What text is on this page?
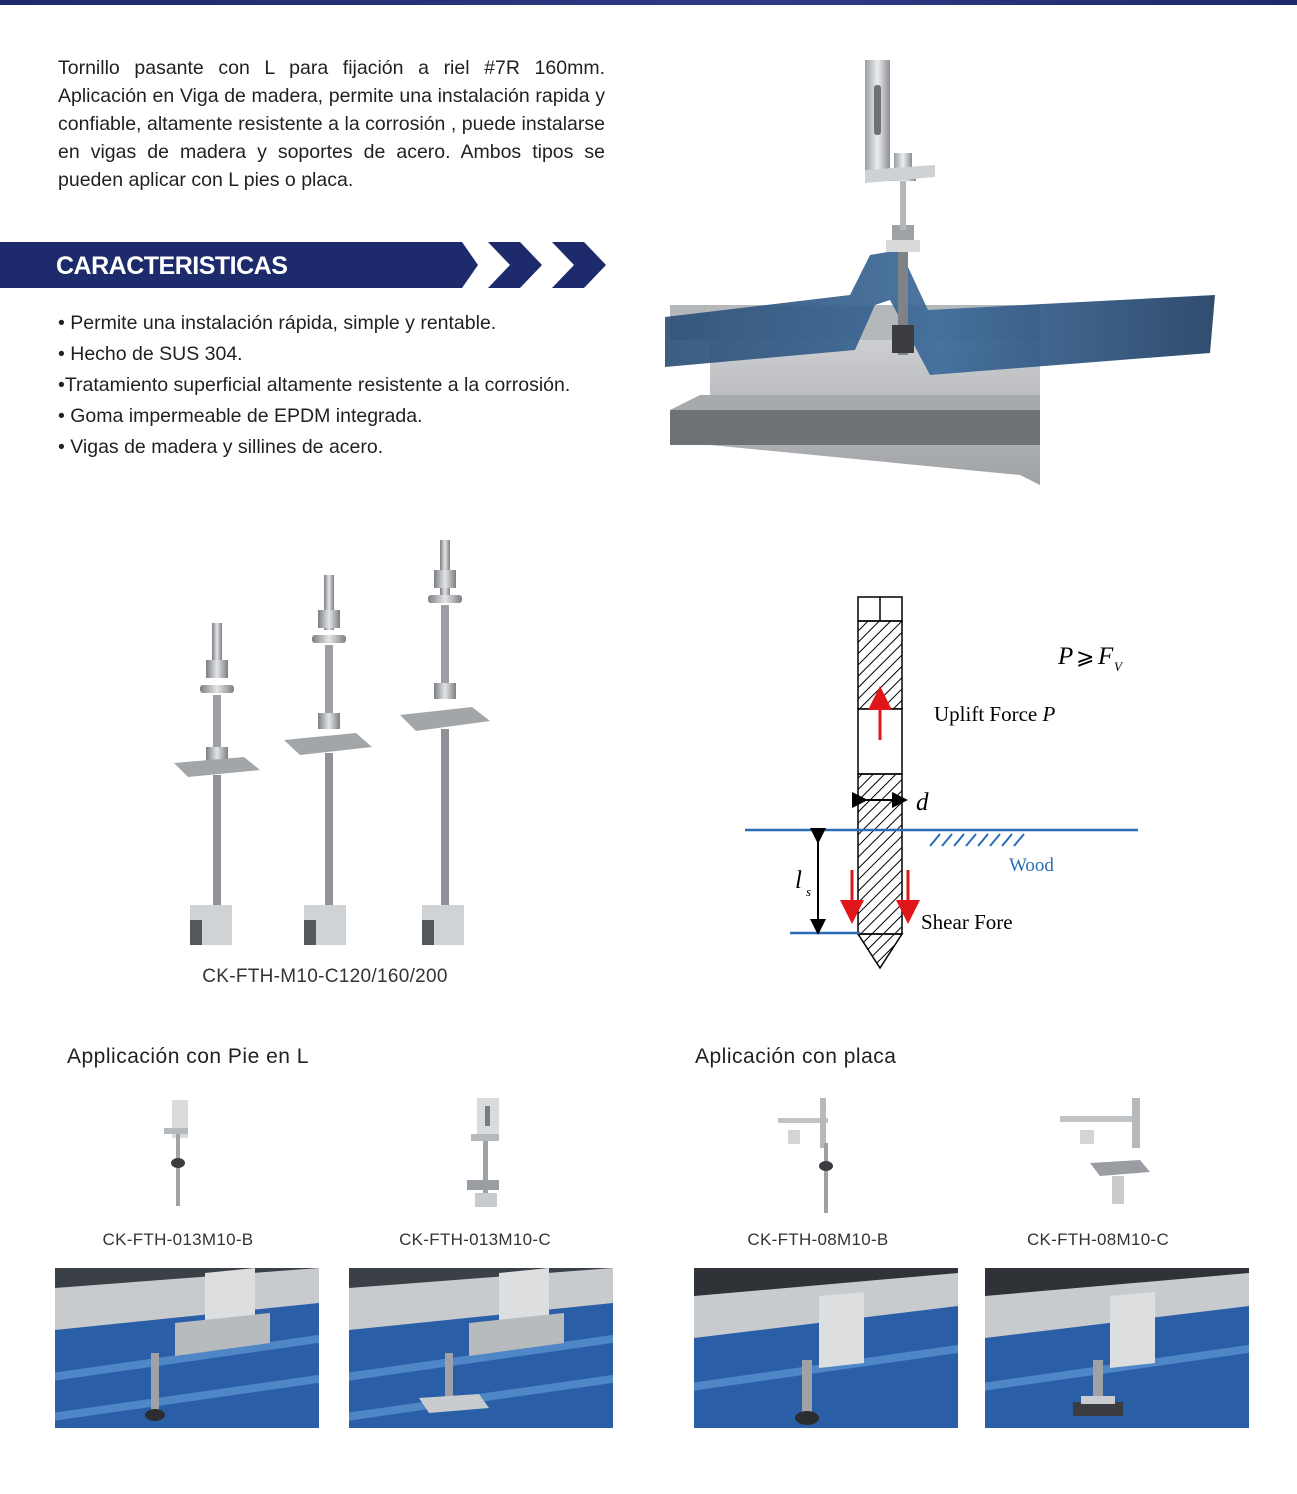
Tornillo pasante con L para fijación a riel #7R 160mm. Aplicación en Viga de madera, permite una instalación rapida y confiable, altamente resistente a la corrosión , puede instalarse en vigas de madera y soportes de acero. Ambos tipos se pueden aplicar con L pies o placa.

CARACTERISTICAS
• Permite una instalación rápida, simple y rentable.
• Hecho de SUS 304.
•Tratamiento superficial altamente resistente a la corrosión.
• Goma impermeable de EPDM integrada.
• Vigas de madera y sillines de acero.
CK-FTH-M10-C120/160/200
P ⩾ F V
Uplift Force P
d
Wood
l s
Shear Fore
Applicación con Pie en L	Aplicación con placa
CK-FTH-013M10-B	CK-FTH-013M10-C	CK-FTH-08M10-B	CK-FTH-08M10-C
